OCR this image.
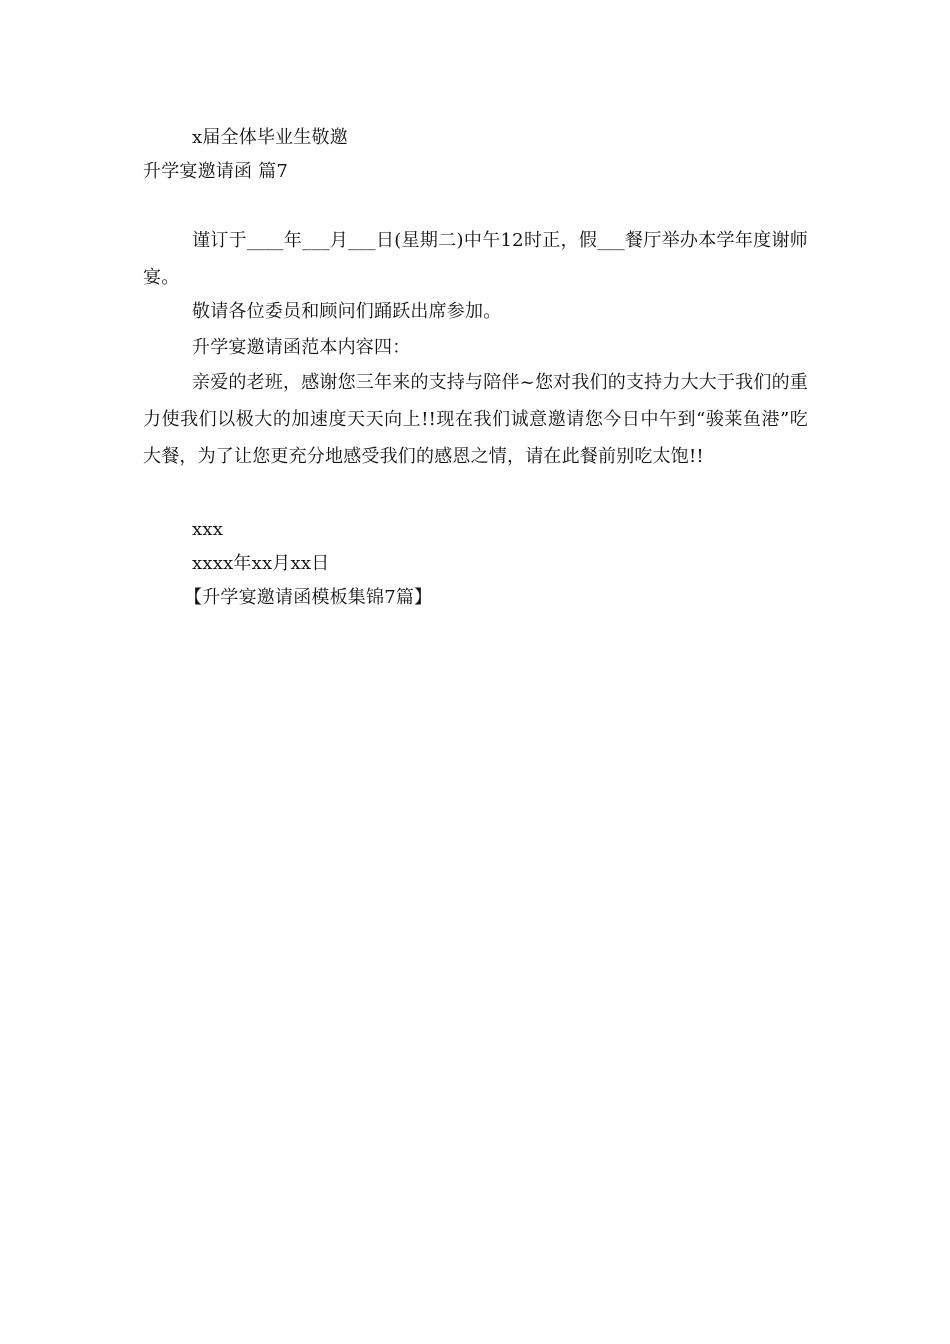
x届全体毕业生敬邀
升学宴邀请函 篇7

谨订于____年___月___日(星期二)中午12时正，假___餐厅举办本学年度谢师宴。

敬请各位委员和顾问们踊跃出席参加。
升学宴邀请函范本内容四：

亲爱的老班，感谢您三年来的支持与陪伴~您对我们的支持力大大于我们的重力使我们以极大的加速度天天向上!!现在我们诚意邀请您今日中午到“骏莱鱼港”吃大餐，为了让您更充分地感受我们的感恩之情，请在此餐前别吃太饱!!

xxx
xxxx年xx月xx日
【升学宴邀请函模板集锦7篇】
